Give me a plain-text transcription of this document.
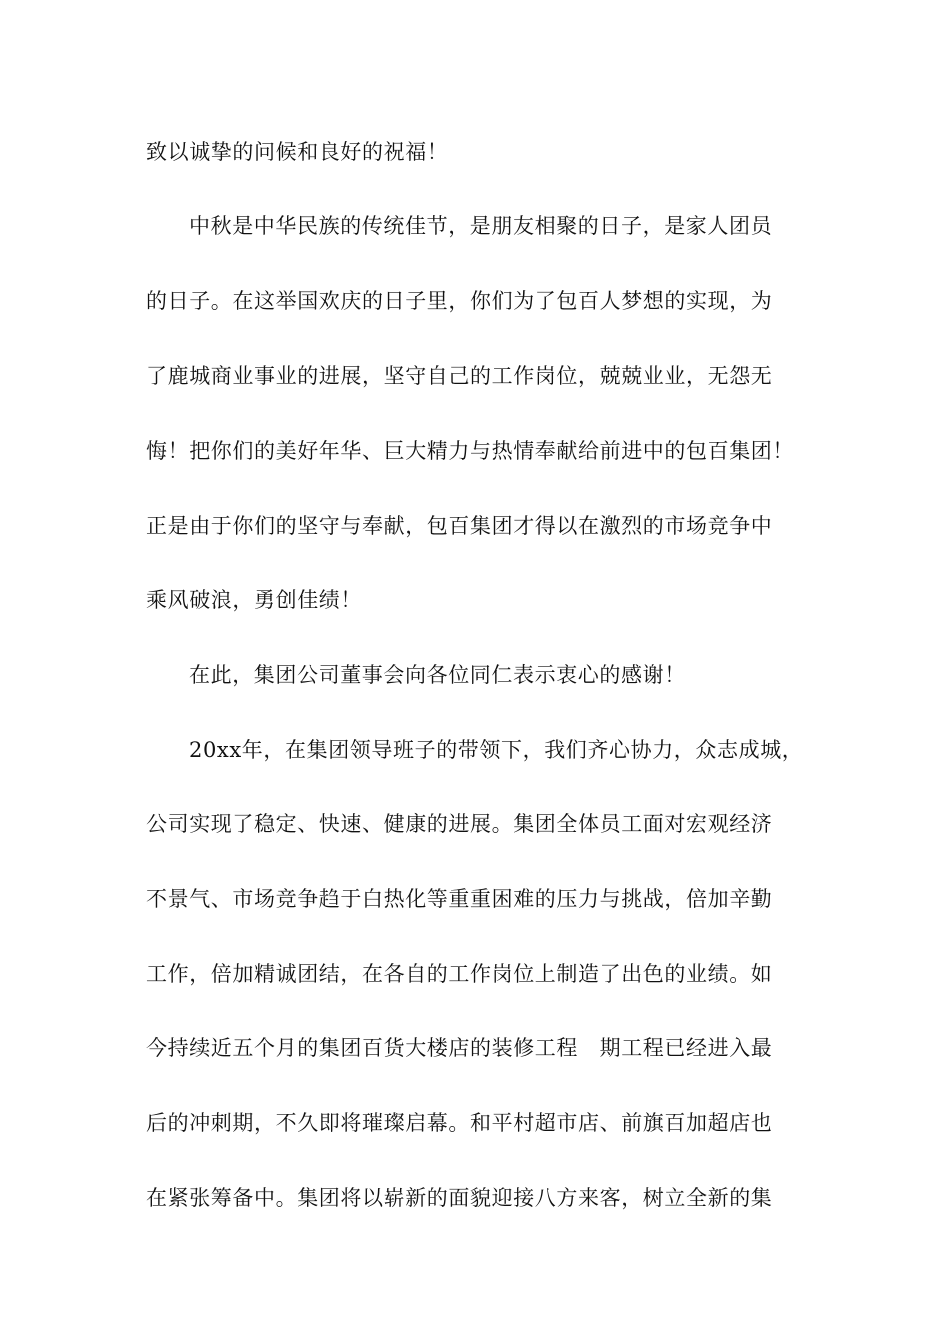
致以诚挚的问候和良好的祝福！
中秋是中华民族的传统佳节，是朋友相聚的日子，是家人团员
的日子。在这举国欢庆的日子里，你们为了包百人梦想的实现，为
了鹿城商业事业的进展，坚守自己的工作岗位，兢兢业业，无怨无
悔！把你们的美好年华、巨大精力与热情奉献给前进中的包百集团！
正是由于你们的坚守与奉献，包百集团才得以在激烈的市场竞争中
乘风破浪，勇创佳绩！
在此，集团公司董事会向各位同仁表示衷心的感谢！
20xx年，在集团领导班子的带领下，我们齐心协力，众志成城，
公司实现了稳定、快速、健康的进展。集团全体员工面对宏观经济
不景气、市场竞争趋于白热化等重重困难的压力与挑战，倍加辛勤
工作，倍加精诚团结，在各自的工作岗位上制造了出色的业绩。如
今持续近五个月的集团百货大楼店的装修工程　期工程已经进入最
后的冲刺期，不久即将璀璨启幕。和平村超市店、前旗百加超店也
在紧张筹备中。集团将以崭新的面貌迎接八方来客，树立全新的集
